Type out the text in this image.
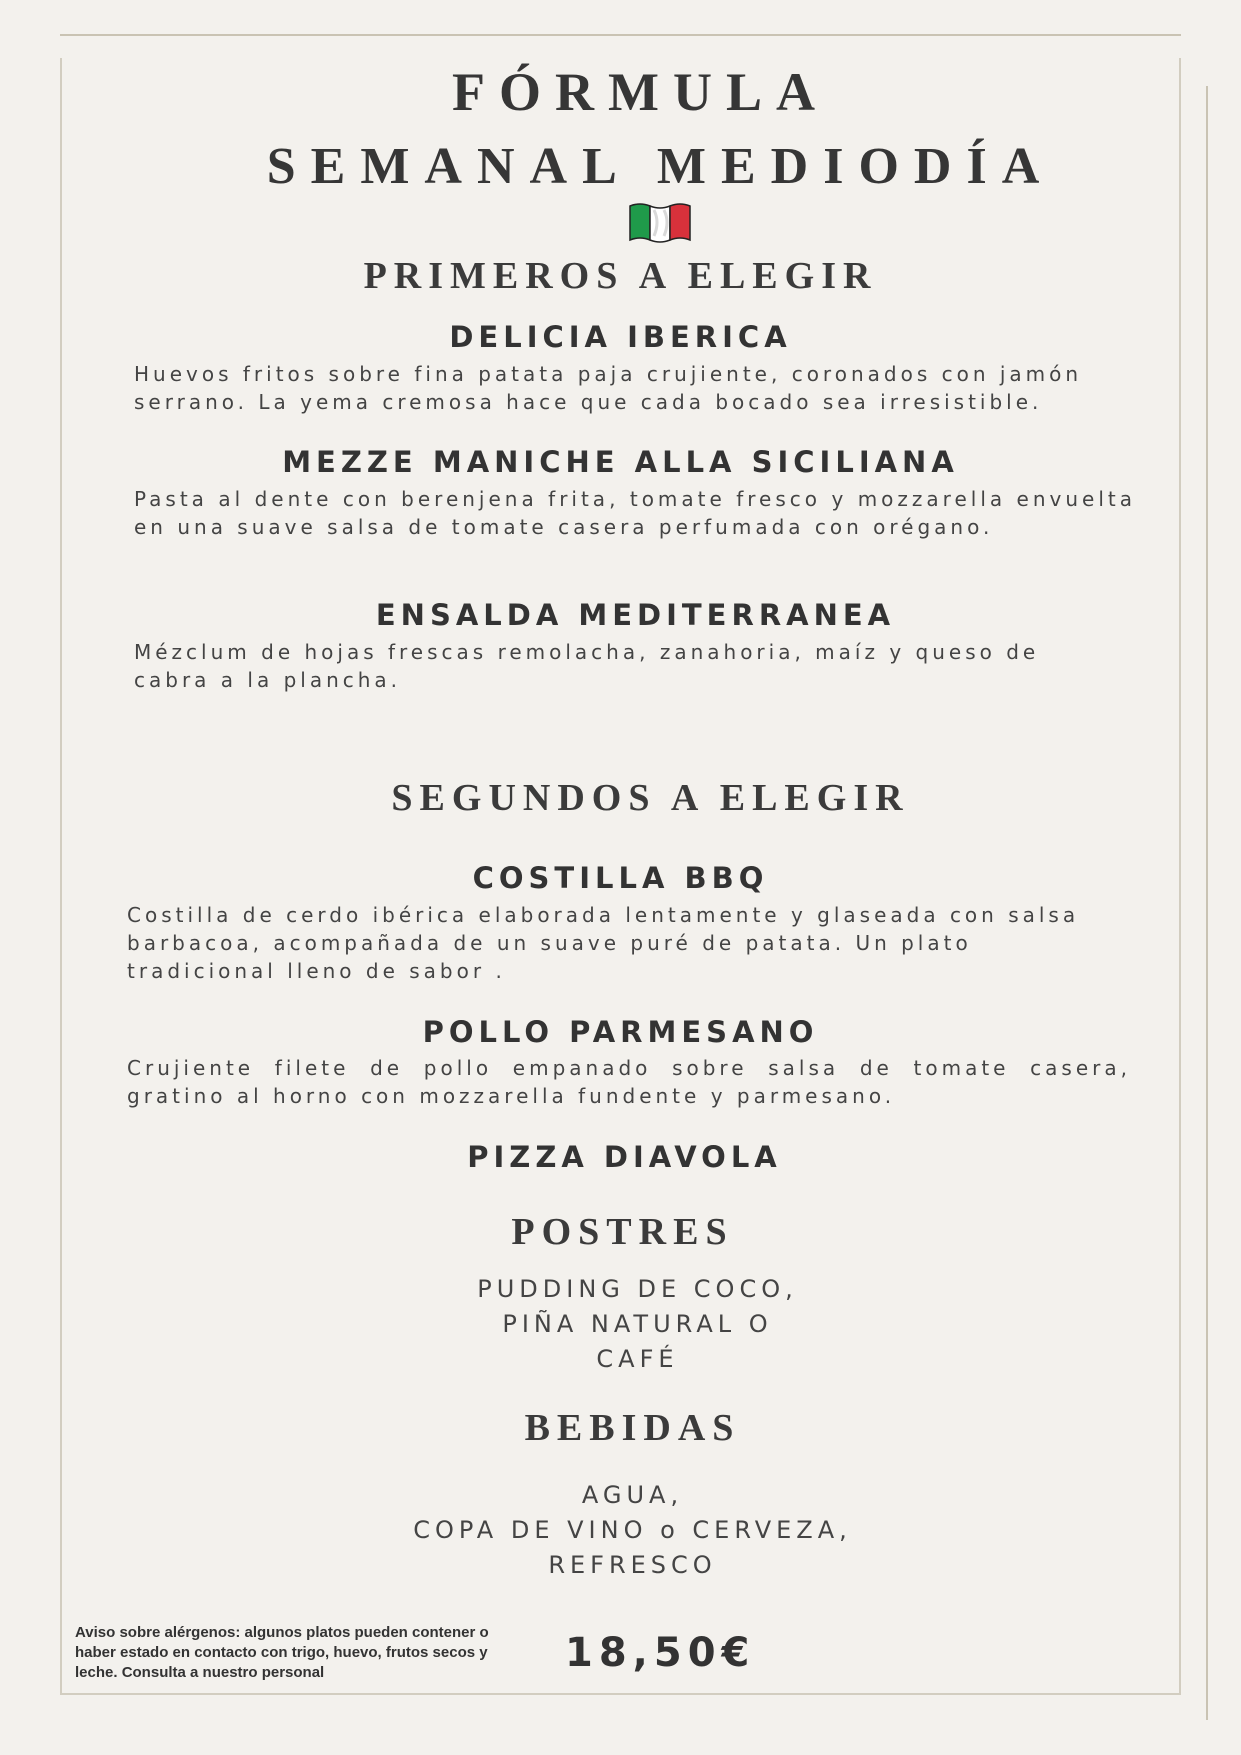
FÓRMULA
SEMANAL MEDIODÍA
PRIMEROS A ELEGIR
DELICIA IBERICA

Huevos fritos sobre fina patata paja crujiente, coronados con jamón serrano. La yema cremosa hace que cada bocado sea irresistible.

MEZZE MANICHE ALLA SICILIANA

Pasta al dente con berenjena frita, tomate fresco y mozzarella envuelta en una suave salsa de tomate casera perfumada con orégano.

ENSALDA MEDITERRANEA

Mézclum de hojas frescas remolacha, zanahoria, maíz y queso de cabra a la plancha.

SEGUNDOS A ELEGIR
COSTILLA BBQ

Costilla de cerdo ibérica elaborada lentamente y glaseada con salsa barbacoa, acompañada de un suave puré de patata. Un plato tradicional lleno de sabor .

POLLO PARMESANO

Crujiente filete de pollo empanado sobre salsa de tomate casera, gratino al horno con mozzarella fundente y parmesano.

PIZZA DIAVOLA
POSTRES
PUDDING DE COCO,
PIÑA NATURAL O
CAFÉ
BEBIDAS
AGUA,
COPA DE VINO o CERVEZA,
REFRESCO

Aviso sobre alérgenos: algunos platos pueden contener o haber estado en contacto con trigo, huevo, frutos secos y leche. Consulta a nuestro personal	18,50€
